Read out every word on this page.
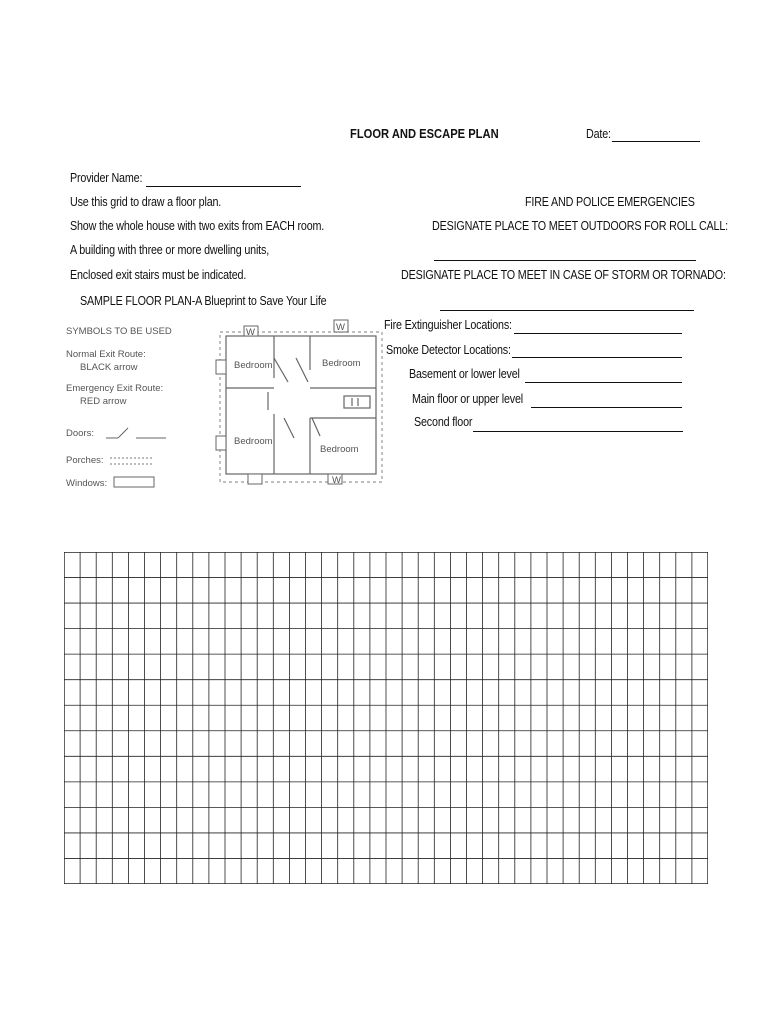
FLOOR AND ESCAPE PLAN	Date:
Provider Name:
Use this grid to draw a floor plan.
Show the whole house with two exits from EACH room.
A building with three or more dwelling units,
Enclosed exit stairs must be indicated.
SAMPLE FLOOR PLAN-A Blueprint to Save Your Life
FIRE AND POLICE EMERGENCIES
DESIGNATE PLACE TO MEET OUTDOORS FOR ROLL CALL:
DESIGNATE PLACE TO MEET IN CASE OF STORM OR TORNADO:
Fire Extinguisher Locations:
Smoke Detector Locations:
Basement or lower level
Main floor or upper level
Second floor
SYMBOLS TO BE USED
Normal Exit Route:
BLACK arrow
Emergency Exit Route:
RED arrow
Doors:
Porches:
Windows:
W	W
W
Bedroom	Bedroom
Bedroom
Bedroom
